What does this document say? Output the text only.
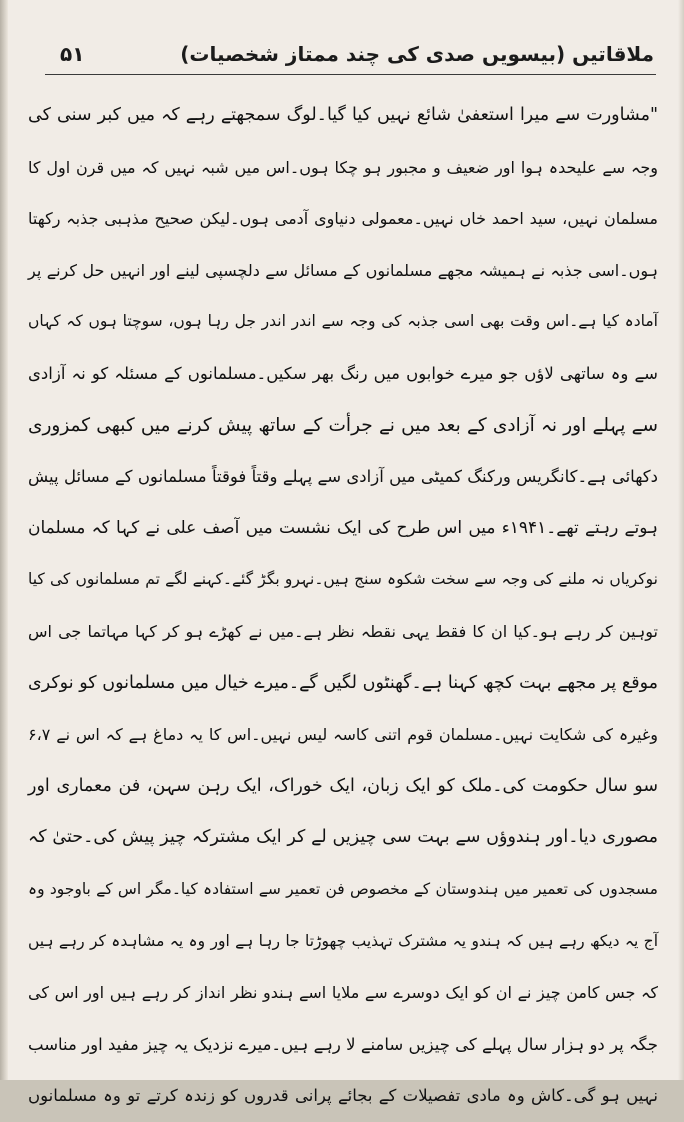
۵۱	ملاقاتیں (بیسویں صدی کی چند ممتاز شخصیات)
"مشاورت سے میرا استعفیٰ شائع نہیں کیا گیا۔لوگ سمجھتے رہے کہ میں کبر سنی کی
وجہ سے علیحدہ ہوا اور ضعیف و مجبور ہو چکا ہوں۔اس میں شبہ نہیں کہ میں قرن اول کا
مسلمان نہیں، سید احمد خاں نہیں۔معمولی دنیاوی آدمی ہوں۔لیکن صحیح مذہبی جذبہ رکھتا
ہوں۔اسی جذبہ نے ہمیشہ مجھے مسلمانوں کے مسائل سے دلچسپی لینے اور انہیں حل کرنے پر
آمادہ کیا ہے۔اس وقت بھی اسی جذبہ کی وجہ سے اندر اندر جل رہا ہوں، سوچتا ہوں کہ کہاں
سے وہ ساتھی لاؤں جو میرے خوابوں میں رنگ بھر سکیں۔مسلمانوں کے مسئلہ کو نہ آزادی
سے پہلے اور نہ آزادی کے بعد میں نے جرأت کے ساتھ پیش کرنے میں کبھی کمزوری
دکھائی ہے۔کانگریس ورکنگ کمیٹی میں آزادی سے پہلے وقتاً فوقتاً مسلمانوں کے مسائل پیش
ہوتے رہتے تھے۔۱۹۴۱ء میں اس طرح کی ایک نشست میں آصف علی نے کہا کہ مسلمان
نوکریاں نہ ملنے کی وجہ سے سخت شکوہ سنج ہیں۔نہرو بگڑ گئے۔کہنے لگے تم مسلمانوں کی کیا
توہین کر رہے ہو۔کیا ان کا فقط یہی نقطہ نظر ہے۔میں نے کھڑے ہو کر کہا مہاتما جی اس
موقع پر مجھے بہت کچھ کہنا ہے۔گھنٹوں لگیں گے۔میرے خیال میں مسلمانوں کو نوکری
وغیرہ کی شکایت نہیں۔مسلمان قوم اتنی کاسہ لیس نہیں۔اس کا یہ دماغ ہے کہ اس نے ۶،۷
سو سال حکومت کی۔ملک کو ایک زبان، ایک خوراک، ایک رہن سہن، فن معماری اور
مصوری دیا۔اور ہندوؤں سے بہت سی چیزیں لے کر ایک مشترکہ چیز پیش کی۔حتیٰ کہ
مسجدوں کی تعمیر میں ہندوستان کے مخصوص فن تعمیر سے استفادہ کیا۔مگر اس کے باوجود وہ
آج یہ دیکھ رہے ہیں کہ ہندو یہ مشترک تہذیب چھوڑتا جا رہا ہے اور وہ یہ مشاہدہ کر رہے ہیں
کہ جس کامن چیز نے ان کو ایک دوسرے سے ملایا اسے ہندو نظر انداز کر رہے ہیں اور اس کی
جگہ پر دو ہزار سال پہلے کی چیزیں سامنے لا رہے ہیں۔میرے نزدیک یہ چیز مفید اور مناسب
نہیں ہو گی۔کاش وہ مادی تفصیلات کے بجائے پرانی قدروں کو زندہ کرتے تو وہ مسلمانوں
